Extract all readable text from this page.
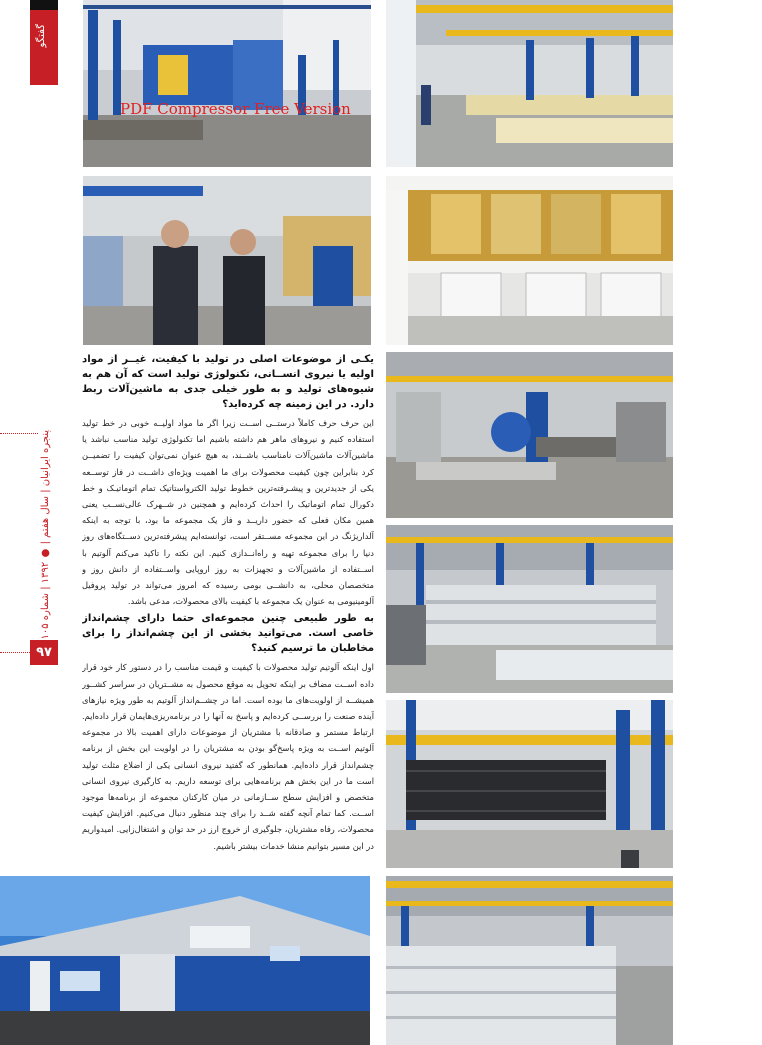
گفتگو
پنجره ایرانیان | سال هفتم | ● ۱۳۹۲ | شماره ۱۰۵
۹۷
PDF Compressor Free Version

یکـی از موضوعات اصلی در تولید با کیفیت، غیــر از مواد اولیه یا نیروی انســانی، تکنولوژی تولید است که آن هم به شیوه‌های تولید و به طور خیلی جدی به ماشین‌آلات ربط دارد. در این زمینه چه کرده‌اید؟

این حرف حرف کاملاً درستــی اســت زیرا اگر ما مواد اولیــه خوبی در خط تولید استفاده کنیم و نیروهای ماهر هم داشته باشیم اما تکنولوژی تولید مناسب نباشد یا ماشین‌آلات ماشین‌آلات نامناسب باشــند، به هیچ عنوان نمی‌توان کیفیت را تضمیــن کرد بنابراین چون کیفیت محصولات برای ما اهمیت ویژه‌ای داشــت در فاز توســعه یکی از جدیدترین و پیشـرفته‌ترین خطوط تولید الکترواستاتیک تمام اتوماتیـک و خط دکورال تمام اتوماتیک را احداث کرده‌ایم و همچنین در شــهرک عالی‌نســب یعنی همین مکان فعلی که حضور داریــد و فاز یک مجموعه ما بود، با توجه به اینکه آلداریژنگ در این مجموعه مســتقر است، توانسته‌ایم پیشرفته‌ترین دســتگاه‌های روز دنیا را برای مجموعه تهیه و راه‌انــدازی کنیم. این نکته را تاکید می‌کنم آلوتیم با اســتفاده از ماشین‌آلات و تجهیزات به روز اروپایی واســتفاده از دانش روز و متخصصان محلی، به دانشــی بومی رسیده که امروز می‌تواند در تولید پروفیل آلومینیومی به عنوان یک مجموعه با کیفیت بالای محصولات، مدعی باشد.

به طور طبیعی چنین مجموعه‌ای حتما دارای چشم‌انداز خاصی است. می‌توانید بخشی از این چشم‌انداز را برای مخاطبان ما ترسیم کنید؟

اول اینکه آلوتیم تولید محصولات با کیفیت و قیمت مناسب را در دستور کار خود قرار داده اســت مضاف بر اینکه تحویل به موقع محصول به مشــتریان در سراسر کشــور همیشــه از اولویت‌های ما بوده است. اما در چشــم‌انداز آلوتیم به طور ویژه نیازهای آینده صنعت را بررســی کرده‌ایم و پاسخ به آنها را در برنامه‌ریزی‌هایمان قرار داده‌ایم. ارتباط مستمر و صادقانه با مشتریان از موضوعات دارای اهمیت بالا در مجموعه آلوتیم اســت به ویژه پاسخ‌گو بودن به مشتریان را در اولویت این بخش از برنامه چشم‌انداز قرار داده‌ایم. همانطور که گفتید نیروی انسانی یکی از اضلاع مثلث تولید است ما در این بخش هم برنامه‌هایی برای توسعه داریم. به کارگیری نیروی انسانی متخصص و افزایش سطح ســازمانی در میان کارکنان مجموعه از برنامه‌ها موجود اســت. کما تمام آنچه گفته شــد را برای چند منظور دنبال می‌کنیم. افزایش کیفیت محصولات، رفاه مشتریان، جلوگیری از خروج ارز در حد توان و اشتغال‌زایی. امیدواریم در این مسیر بتوانیم منشا خدمات بیشتر باشیم.
